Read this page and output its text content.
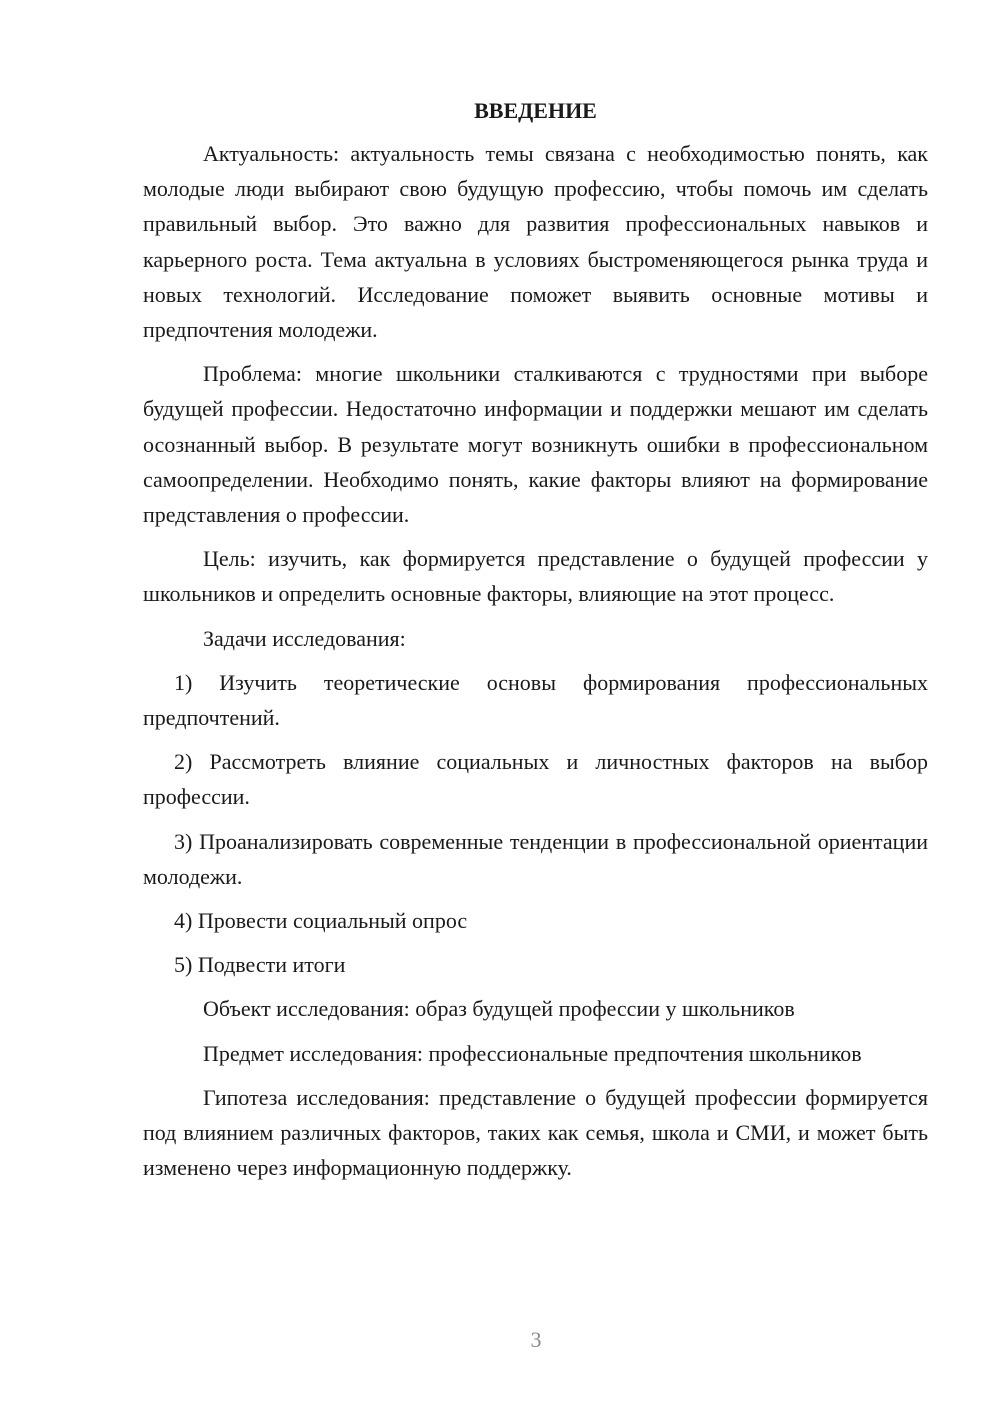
ВВЕДЕНИЕ

Актуальность: актуальность темы связана с необходимостью понять, как молодые люди выбирают свою будущую профессию, чтобы помочь им сделать правильный выбор. Это важно для развития профессиональных навыков и карьерного роста. Тема актуальна в условиях быстроменяющегося рынка труда и новых технологий. Исследование поможет выявить основные мотивы и предпочтения молодежи.

Проблема: многие школьники сталкиваются с трудностями при выборе будущей профессии. Недостаточно информации и поддержки мешают им сделать осознанный выбор. В результате могут возникнуть ошибки в профессиональном самоопределении. Необходимо понять, какие факторы влияют на формирование представления о профессии.

Цель: изучить, как формируется представление о будущей профессии у школьников и определить основные факторы, влияющие на этот процесс.

Задачи исследования:

1) Изучить теоретические основы формирования профессиональных предпочтений.

2) Рассмотреть влияние социальных и личностных факторов на выбор профессии.

3) Проанализировать современные тенденции в профессиональной ориентации молодежи.

4) Провести социальный опрос

5) Подвести итоги

Объект исследования: образ будущей профессии у школьников

Предмет исследования: профессиональные предпочтения школьников

Гипотеза исследования: представление о будущей профессии формируется под влиянием различных факторов, таких как семья, школа и СМИ, и может быть изменено через информационную поддержку.

3
